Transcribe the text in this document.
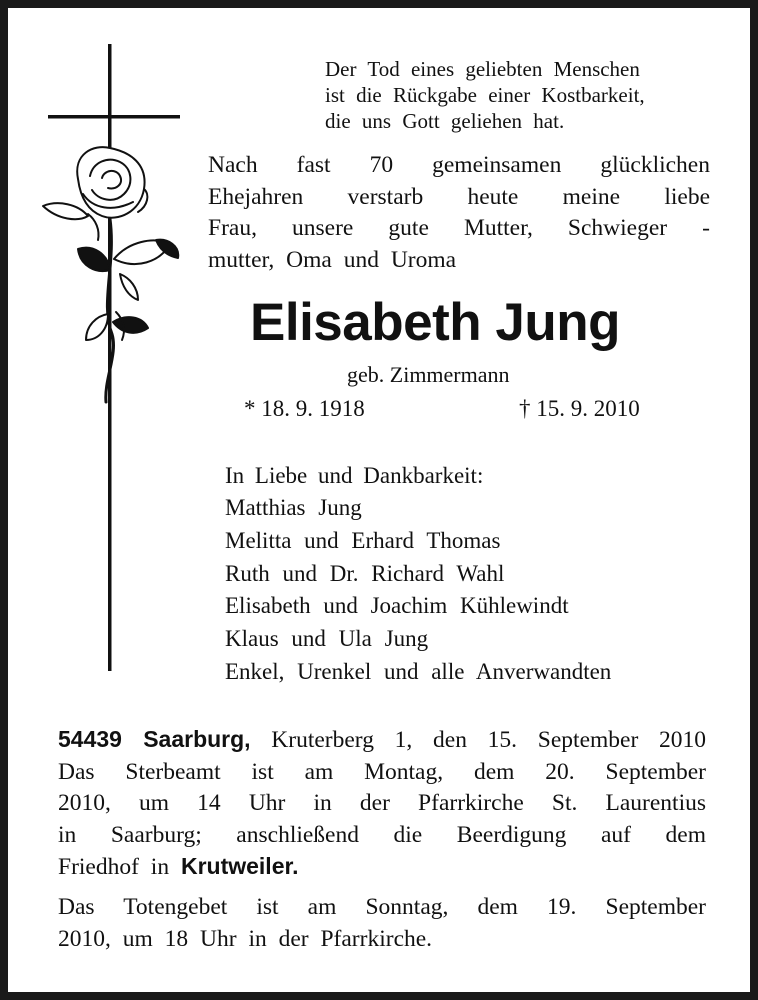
Der Tod eines geliebten Menschen
ist die Rückgabe einer Kostbarkeit,
die uns Gott geliehen hat.
Nach fast 70 gemeinsamen glücklichen
Ehejahren verstarb heute meine liebe
Frau, unsere gute Mutter, Schwieger -
mutter, Oma und Uroma
Elisabeth Jung
geb. Zimmermann
* 18. 9. 1918	† 15. 9. 2010
In Liebe und Dankbarkeit:
Matthias Jung
Melitta und Erhard Thomas
Ruth und Dr. Richard Wahl
Elisabeth und Joachim Kühlewindt
Klaus und Ula Jung
Enkel, Urenkel und alle Anverwandten
54439 Saarburg, Kruterberg 1, den 15. September 2010
Das Sterbeamt ist am Montag, dem 20. September
2010, um 14 Uhr in der Pfarrkirche St. Laurentius
in Saarburg; anschließend die Beerdigung auf dem
Friedhof in Krutweiler.
Das Totengebet ist am Sonntag, dem 19. September
2010, um 18 Uhr in der Pfarrkirche.
